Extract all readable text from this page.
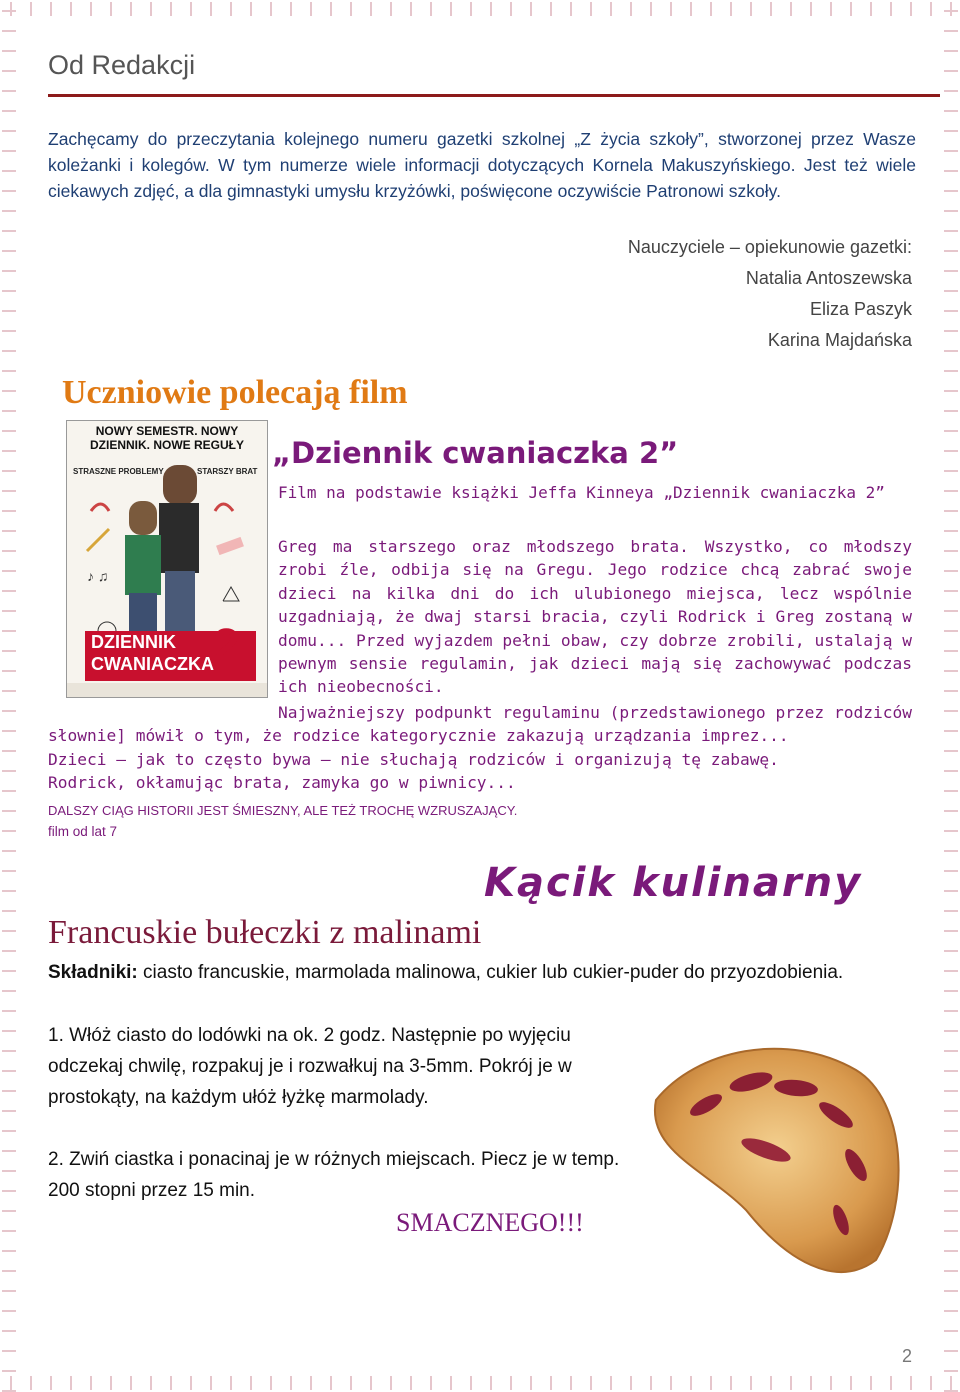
Od Redakcji
Zachęcamy do przeczytania kolejnego numeru gazetki szkolnej „Z życia szkoły”, stworzonej przez Wasze koleżanki i kolegów. W tym numerze wiele informacji dotyczących Kornela Makuszyńskiego. Jest też wiele ciekawych zdjęć, a dla gimnastyki umysłu krzyżówki, poświęcone oczywiście Patronowi szkoły.
Nauczyciele – opiekunowie gazetki:
Natalia Antoszewska
Eliza Paszyk
Karina Majdańska
Uczniowie polecają film
NOWY SEMESTR. NOWY DZIENNIK. NOWE REGUŁY
STRASZNE PROBLEMY	STARSZY BRAT
♪ ♫
DZIENNIK
CWANIACZKA 2
„Dziennik cwaniaczka 2”
Film na podstawie książki Jeffa Kinneya „Dziennik cwaniaczka 2”
Greg ma starszego oraz młodszego brata. Wszystko, co młodszy zrobi źle, odbija się na Gregu. Jego rodzice chcą zabrać swoje dzieci na kilka dni do ich ulubionego miejsca, lecz wspólnie uzgadniają, że dwaj starsi bracia, czyli Rodrick i Greg zostaną w domu... Przed wyjazdem pełni obaw, czy dobrze zrobili, ustalają w pewnym sensie regulamin, jak dzieci mają się zachowywać podczas ich nieobecności.
Najważniejszy podpunkt regulaminu (przedstawionego przez rodziców słownie] mówił o tym, że rodzice kategorycznie zakazują urządzania imprez...
Dzieci – jak to często bywa – nie słuchają rodziców i organizują tę zabawę.
Rodrick, okłamując brata, zamyka go w piwnicy...
DALSZY CIĄG HISTORII JEST ŚMIESZNY, ALE TEŻ TROCHĘ WZRUSZAJĄCY.
film od lat 7
Kącik kulinarny
Francuskie bułeczki z malinami
Składniki: ciasto francuskie, marmolada malinowa, cukier lub cukier-puder do przyozdobienia.
1. Włóż ciasto do lodówki na ok. 2 godz. Następnie po wyjęciu odczekaj chwilę, rozpakuj je i rozwałkuj na 3-5mm. Pokrój je w prostokąty, na każdym ułóż łyżkę marmolady.
2. Zwiń ciastka i ponacinaj je w różnych miejscach. Piecz je w temp. 200 stopni przez 15 min.
SMACZNEGO!!!
2
